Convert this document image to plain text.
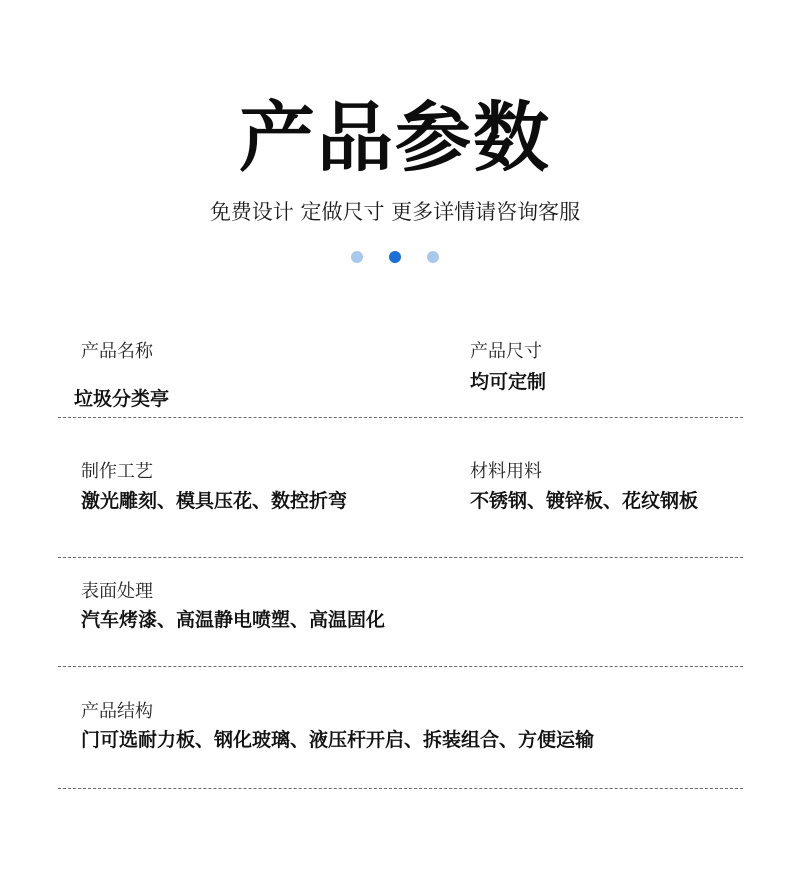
产品参数
免费设计 定做尺寸 更多详情请咨询客服
产品名称
垃圾分类亭
产品尺寸
均可定制
制作工艺
激光雕刻、模具压花、数控折弯
材料用料
不锈钢、镀锌板、花纹钢板
表面处理
汽车烤漆、高温静电喷塑、高温固化
产品结构
门可选耐力板、钢化玻璃、液压杆开启、拆装组合、方便运输
